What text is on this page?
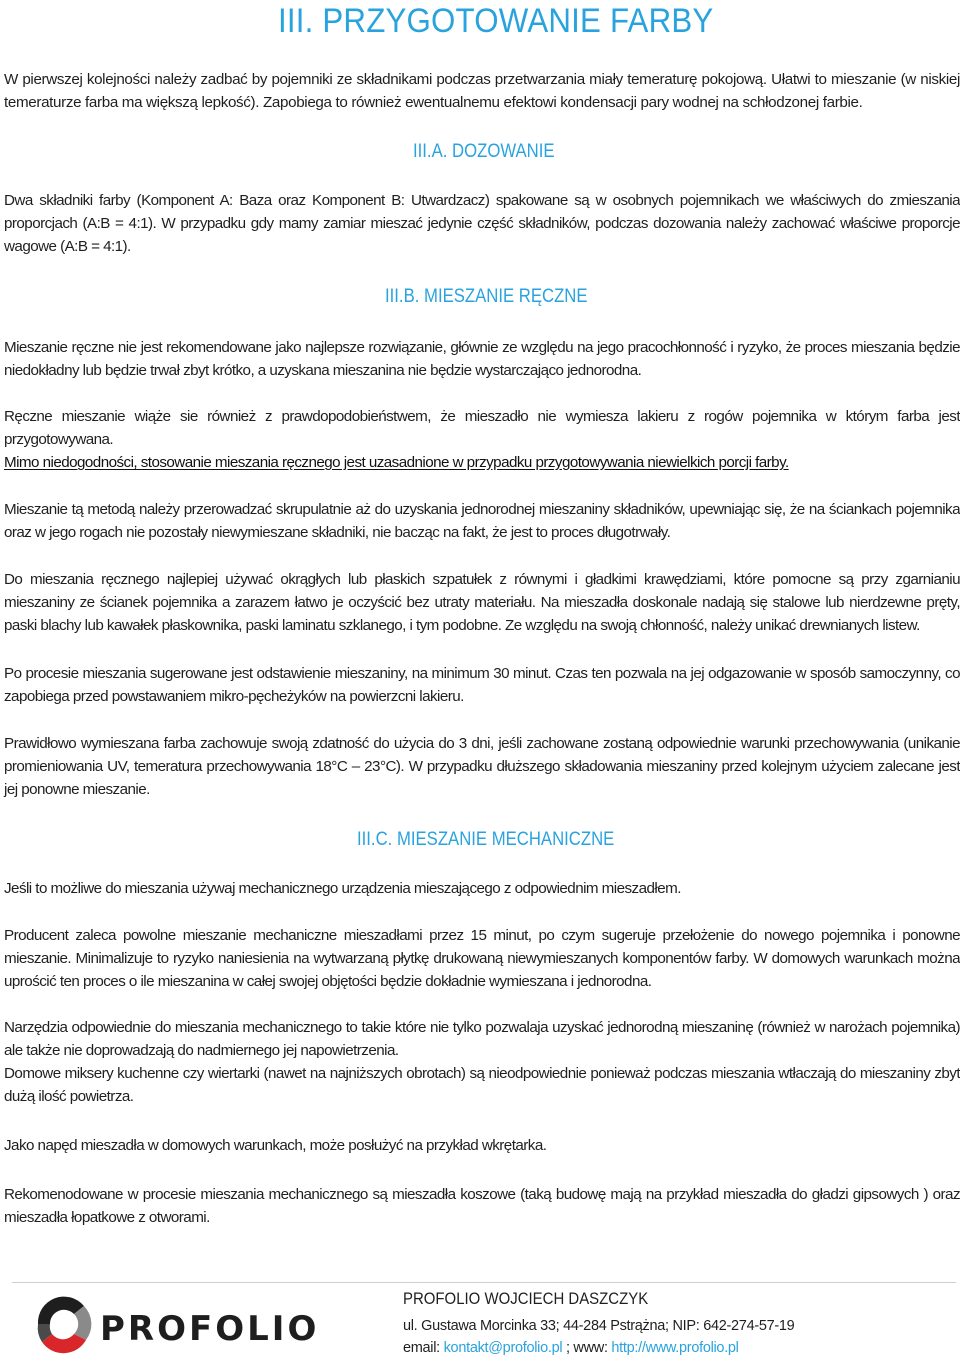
III. PRZYGOTOWANIE FARBY

W pierwszej kolejności należy zadbać by pojemniki ze składnikami podczas przetwarzania miały temeraturę pokojową. Ułatwi to mieszanie (w niskiej temeraturze farba ma większą lepkość). Zapobiega to również ewentualnemu efektowi kondensacji pary wodnej na schłodzonej farbie.

III.A. DOZOWANIE

Dwa składniki farby (Komponent A: Baza oraz Komponent B: Utwardzacz) spakowane są w osobnych pojemnikach we właściwych do zmieszania proporcjach (A:B = 4:1). W przypadku gdy mamy zamiar mieszać jedynie część składników, podczas dozowania należy zachować właściwe proporcje wagowe (A:B = 4:1).

III.B. MIESZANIE RĘCZNE

Mieszanie ręczne nie jest rekomendowane jako najlepsze rozwiązanie, głównie ze względu na jego pracochłonność i ryzyko, że proces mieszania będzie niedokładny lub będzie trwał zbyt krótko, a uzyskana mieszanina nie będzie wystarczająco jednorodna.

Ręczne mieszanie wiąże sie również z prawdopodobieństwem, że mieszadło nie wymiesza lakieru z rogów pojemnika w którym farba jest przygotowywana.

Mimo niedogodności, stosowanie mieszania ręcznego jest uzasadnione w przypadku przygotowywania niewielkich porcji farby.

Mieszanie tą metodą należy przerowadzać skrupulatnie aż do uzyskania jednorodnej mieszaniny składników, upewniając się, że na ściankach pojemnika oraz w jego rogach nie pozostały niewymieszane składniki, nie bacząc na fakt, że jest to proces długotrwały.

Do mieszania ręcznego najlepiej używać okrągłych lub płaskich szpatułek z równymi i gładkimi krawędziami, które pomocne są przy zgarnianiu mieszaniny ze ścianek pojemnika a zarazem łatwo je oczyścić bez utraty materiału. Na mieszadła doskonale nadają się stalowe lub nierdzewne pręty, paski blachy lub kawałek płaskownika, paski laminatu szklanego, i tym podobne. Ze względu na swoją chłonność, należy unikać drewnianych listew.

Po procesie mieszania sugerowane jest odstawienie mieszaniny, na minimum 30 minut. Czas ten pozwala na jej odgazowanie w sposób samoczynny, co zapobiega przed powstawaniem mikro-pęcheżyków na powierzcni lakieru.

Prawidłowo wymieszana farba zachowuje swoją zdatność do użycia do 3 dni, jeśli zachowane zostaną odpowiednie warunki przechowywania (unikanie promieniowania UV, temeratura przechowywania 18°C – 23°C). W przypadku dłuższego składowania mieszaniny przed kolejnym użyciem zalecane jest jej ponowne mieszanie.

III.C. MIESZANIE MECHANICZNE

Jeśli to możliwe do mieszania używaj mechanicznego urządzenia mieszającego z odpowiednim mieszadłem.

Producent zaleca powolne mieszanie mechaniczne mieszadłami przez 15 minut, po czym sugeruje przełożenie do nowego pojemnika i ponowne mieszanie. Minimalizuje to ryzyko naniesienia na wytwarzaną płytkę drukowaną niewymieszanych komponentów farby. W domowych warunkach można uprościć ten proces o ile mieszanina w całej swojej objętości będzie dokładnie wymieszana i jednorodna.

Narzędzia odpowiednie do mieszania mechanicznego to takie które nie tylko pozwalaja uzyskać jednorodną mieszaninę (również w narożach pojemnika) ale także nie doprowadzają do nadmiernego jej napowietrzenia.

Domowe miksery kuchenne czy wiertarki (nawet na najniższych obrotach) są nieodpowiednie ponieważ podczas mieszania wtłaczają do mieszaniny zbyt dużą ilość powietrza.

Jako napęd mieszadła w domowych warunkach, może posłużyć na przykład wkrętarka.

Rekomenodowane w procesie mieszania mechanicznego są mieszadła koszowe (taką budowę mają na przykład mieszadła do gładzi gipsowych ) oraz mieszadła łopatkowe z otworami.

PROFOLIO

PROFOLIO WOJCIECH DASZCZYK

ul. Gustawa Morcinka 33; 44-284 Pstrążna; NIP: 642-274-57-19

email: kontakt@profolio.pl ; www: http://www.profolio.pl
